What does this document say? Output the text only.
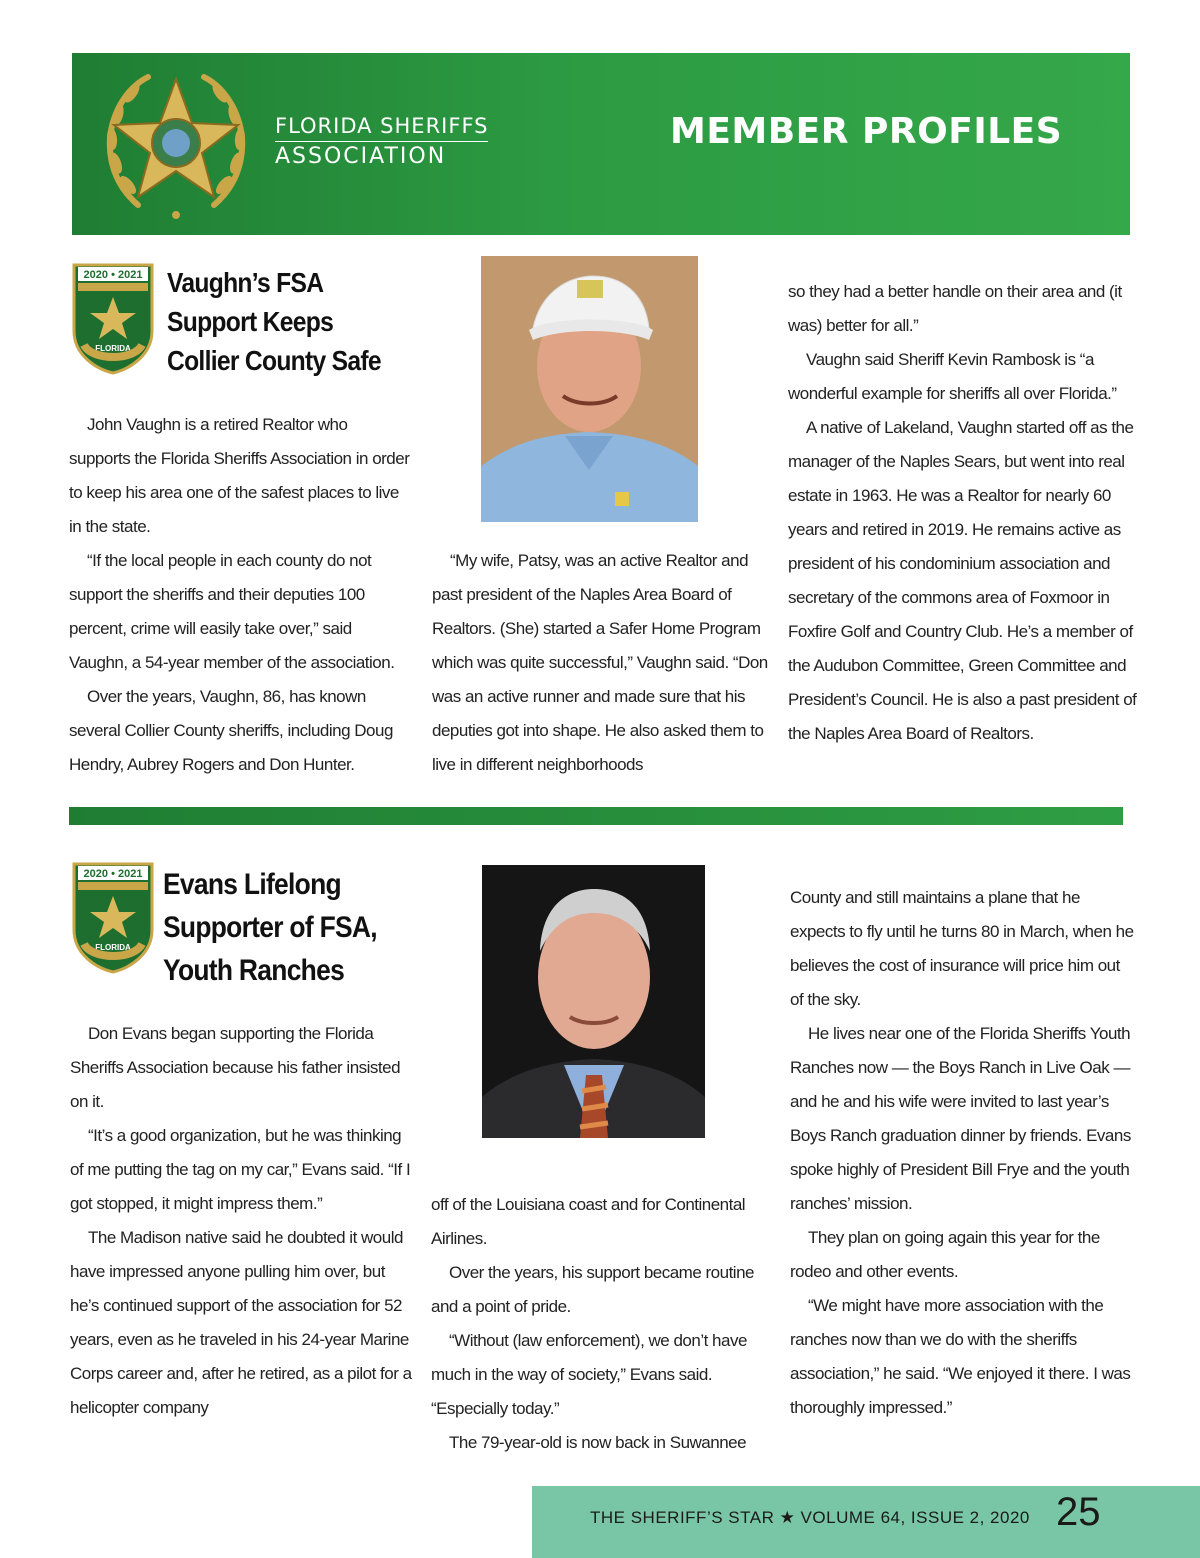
FLORIDA SHERIFFS
ASSOCIATION
MEMBER PROFILES
2020 • 2021
FLORIDA
Vaughn’s FSA
Support Keeps
Collier County Safe

John Vaughn is a retired Realtor who supports the Florida Sheriffs Association in order to keep his area one of the safest places to live in the state.

“If the local people in each county do not support the sheriffs and their deputies 100 percent, crime will easily take over,” said Vaughn, a 54-year member of the association.

Over the years, Vaughn, 86, has known several Collier County sheriffs, including Doug Hendry, Aubrey Rogers and Don Hunter.

“My wife, Patsy, was an active Realtor and past president of the Naples Area Board of Realtors. (She) started a Safer Home Program which was quite successful,” Vaughn said. “Don was an active runner and made sure that his deputies got into shape. He also asked them to live in different neighborhoods

so they had a better handle on their area and (it was) better for all.”

Vaughn said Sheriff Kevin Rambosk is “a wonderful example for sheriffs all over Florida.”

A native of Lakeland, Vaughn started off as the manager of the Naples Sears, but went into real estate in 1963. He was a Realtor for nearly 60 years and retired in 2019. He remains active as president of his condominium association and secretary of the commons area of Foxmoor in Foxfire Golf and Country Club. He’s a member of the Audubon Committee, Green Committee and President’s Council. He is also a past president of the Naples Area Board of Realtors.

2020 • 2021
FLORIDA
Evans Lifelong
Supporter of FSA,
Youth Ranches

Don Evans began supporting the Florida Sheriffs Association because his father insisted on it.

“It’s a good organization, but he was thinking of me putting the tag on my car,” Evans said. “If I got stopped, it might impress them.”

The Madison native said he doubted it would have impressed anyone pulling him over, but he’s continued support of the association for 52 years, even as he traveled in his 24-year Marine Corps career and, after he retired, as a pilot for a helicopter company

off of the Louisiana coast and for Continental Airlines.

Over the years, his support became routine and a point of pride.

“Without (law enforcement), we don’t have much in the way of society,” Evans said. “Especially today.”

The 79-year-old is now back in Suwannee

County and still maintains a plane that he expects to fly until he turns 80 in March, when he believes the cost of insurance will price him out of the sky.

He lives near one of the Florida Sheriffs Youth Ranches now — the Boys Ranch in Live Oak — and he and his wife were invited to last year’s Boys Ranch graduation dinner by friends. Evans spoke highly of President Bill Frye and the youth ranches’ mission.

They plan on going again this year for the rodeo and other events.

“We might have more association with the ranches now than we do with the sheriffs association,” he said. “We enjoyed it there. I was thoroughly impressed.”

THE SHERIFF’S STAR ★ VOLUME 64, ISSUE 2, 2020 25
